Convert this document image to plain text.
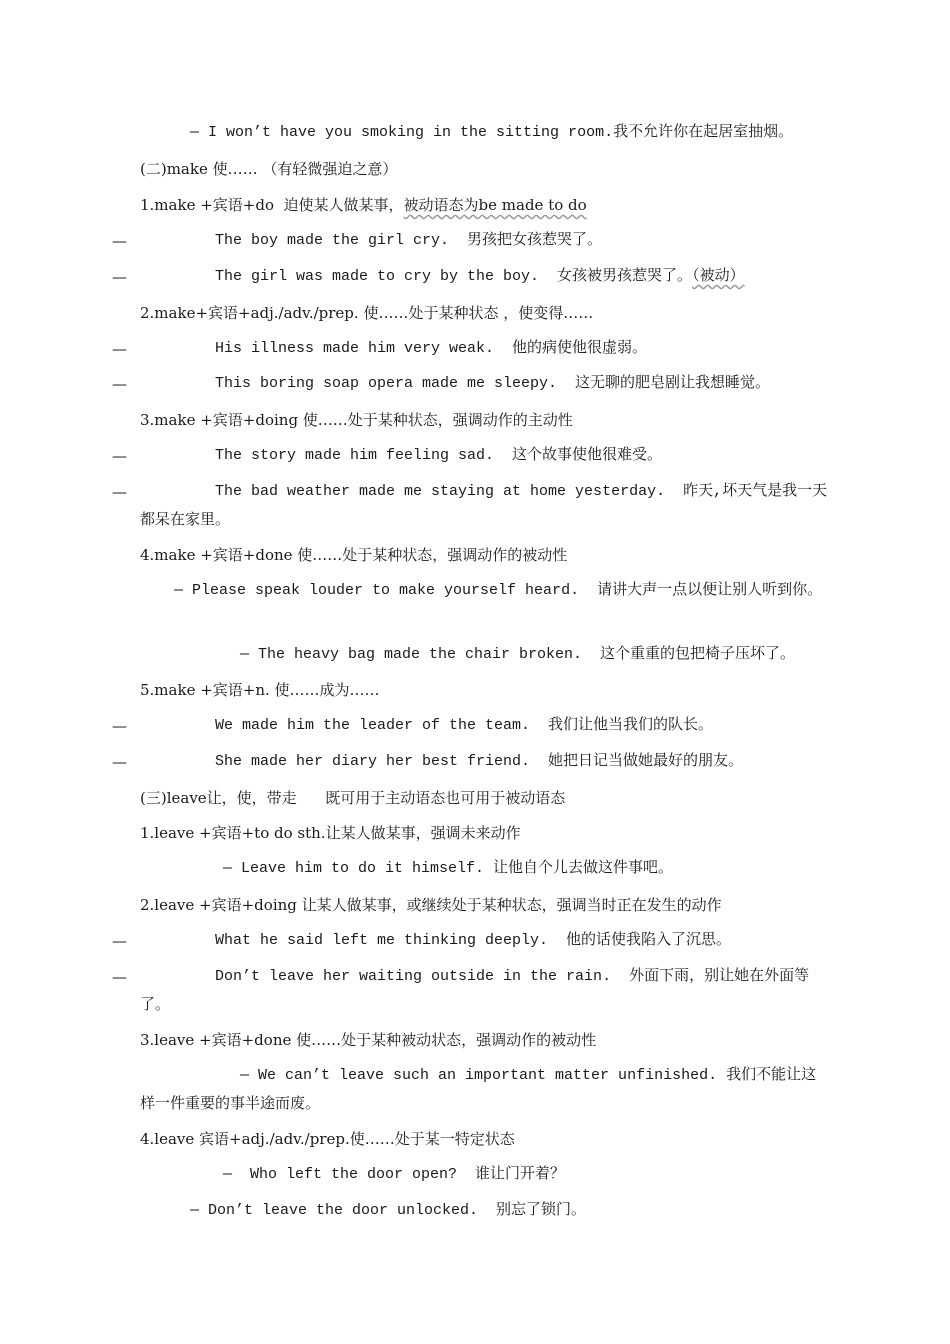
— I won’t have you smoking in the sitting room.我不允许你在起居室抽烟。
(二)make 使…… （有轻微强迫之意）
1.make +宾语+do  迫使某人做某事，被动语态为be made to do
—	The boy made the girl cry.  男孩把女孩惹哭了。
—	The girl was made to cry by the boy.  女孩被男孩惹哭了。（被动）
2.make+宾语+adj./adv./prep. 使……处于某种状态 ，使变得……
—	His illness made him very weak.  他的病使他很虚弱。
—	This boring soap opera made me sleepy.  这无聊的肥皂剧让我想睡觉。
3.make +宾语+doing 使……处于某种状态，强调动作的主动性
—	The story made him feeling sad.  这个故事使他很难受。
—	The bad weather made me staying at home yesterday.  昨天,坏天气是我一天
都呆在家里。
4.make +宾语+done 使……处于某种状态，强调动作的被动性
— Please speak louder to make yourself heard.  请讲大声一点以便让别人听到你。
— The heavy bag made the chair broken.  这个重重的包把椅子压坏了。
5.make +宾语+n. 使……成为……
—	We made him the leader of the team.  我们让他当我们的队长。
—	She made her diary her best friend.  她把日记当做她最好的朋友。
(三)leave让，使，带走      既可用于主动语态也可用于被动语态
1.leave +宾语+to do sth.让某人做某事，强调未来动作
— Leave him to do it himself. 让他自个儿去做这件事吧。
2.leave +宾语+doing 让某人做某事，或继续处于某种状态，强调当时正在发生的动作
—	What he said left me thinking deeply.  他的话使我陷入了沉思。
—	Don’t leave her waiting outside in the rain.  外面下雨，别让她在外面等
了。
3.leave +宾语+done 使……处于某种被动状态，强调动作的被动性
— We can’t leave such an important matter unfinished. 我们不能让这
样一件重要的事半途而废。
4.leave 宾语+adj./adv./prep.使……处于某一特定状态
—  Who left the door open?  谁让门开着？
— Don’t leave the door unlocked.  别忘了锁门。
